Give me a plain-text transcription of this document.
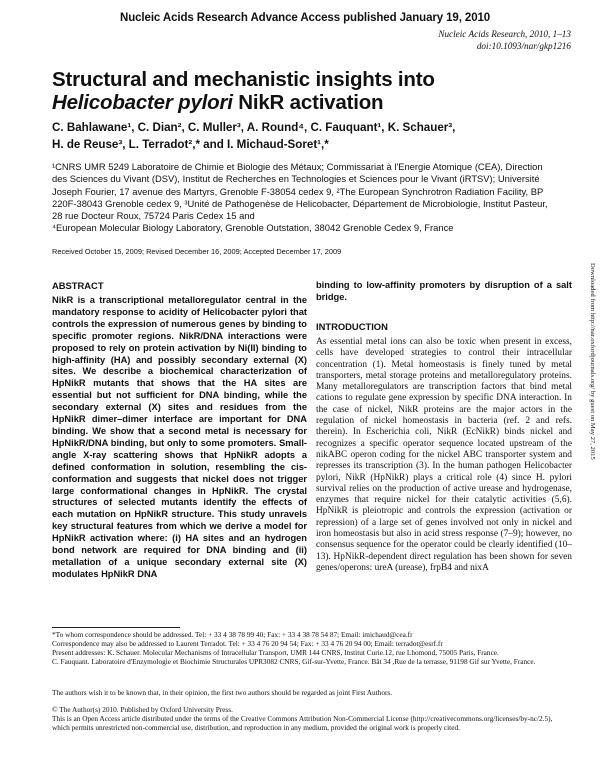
Nucleic Acids Research Advance Access published January 19, 2010
Nucleic Acids Research, 2010, 1–13
doi:10.1093/nar/gkp1216
Structural and mechanistic insights into
Helicobacter pylori NikR activation
C. Bahlawane¹, C. Dian², C. Muller³, A. Round⁴, C. Fauquant¹, K. Schauer³,
H. de Reuse³, L. Terradot²,* and I. Michaud-Soret¹,*

¹CNRS UMR 5249 Laboratoire de Chimie et Biologie des Métaux; Commissariat à l'Energie Atomique (CEA), Direction des Sciences du Vivant (DSV), Institut de Recherches en Technologies et Sciences pour le Vivant (iRTSV); Université Joseph Fourier, 17 avenue des Martyrs, Grenoble F-38054 cedex 9, ²The European Synchrotron Radiation Facility, BP 220F-38043 Grenoble cedex 9, ³Unité de Pathogenèse de Helicobacter, Département de Microbiologie, Institut Pasteur, 28 rue Docteur Roux, 75724 Paris Cedex 15 and

⁴European Molecular Biology Laboratory, Grenoble Outstation, 38042 Grenoble Cedex 9, France

Received October 15, 2009; Revised December 16, 2009; Accepted December 17, 2009
ABSTRACT
NikR is a transcriptional metalloregulator central in the mandatory response to acidity of Helicobacter pylori that controls the expression of numerous genes by binding to specific promoter regions. NikR/DNA interactions were proposed to rely on protein activation by Ni(II) binding to high-affinity (HA) and possibly secondary external (X) sites. We describe a biochemical characterization of HpNikR mutants that shows that the HA sites are essential but not sufficient for DNA binding, while the secondary external (X) sites and residues from the HpNikR dimer–dimer interface are important for DNA binding. We show that a second metal is necessary for HpNikR/DNA binding, but only to some promoters. Small-angle X-ray scattering shows that HpNikR adopts a defined conformation in solution, resembling the cis-conformation and suggests that nickel does not trigger large conformational changes in HpNikR. The crystal structures of selected mutants identify the effects of each mutation on HpNikR structure. This study unravels key structural features from which we derive a model for HpNikR activation where: (i) HA sites and an hydrogen bond network are required for DNA binding and (ii) metallation of a unique secondary external site (X) modulates HpNikR DNA
binding to low-affinity promoters by disruption of a salt bridge.
INTRODUCTION
As essential metal ions can also be toxic when present in excess, cells have developed strategies to control their intracellular concentration (1). Metal homeostasis is finely tuned by metal transporters, metal storage proteins and metalloregulatory proteins. Many metalloregulators are transcription factors that bind metal cations to regulate gene expression by specific DNA interaction. In the case of nickel, NikR proteins are the major actors in the regulation of nickel homeostasis in bacteria (ref. 2 and refs. therein). In Escherichia coli, NikR (EcNikR) binds nickel and recognizes a specific operator sequence located upstream of the nikABC operon coding for the nickel ABC transporter system and represses its transcription (3). In the human pathogen Helicobacter pylori, NikR (HpNikR) plays a critical role (4) since H. pylori survival relies on the production of active urease and hydrogenase, enzymes that require nickel for their catalytic activities (5,6). HpNikR is pleiotropic and controls the expression (activation or repression) of a large set of genes involved not only in nickel and iron homeostasis but also in acid stress response (7–9); however, no consensus sequence for the operator could be clearly identified (10–13). HpNikR-dependent direct regulation has been shown for seven genes/operons: ureA (urease), frpB4 and nixA
Downloaded from http://nar.oxfordjournals.org/ by guest on May 27, 2015

*To whom correspondence should be addressed. Tel: + 33 4 38 78 99 40; Fax: + 33 4 38 78 54 87; Email: imichaud@cea.fr

Correspondence may also be addressed to Laurent Terradot. Tel: + 33 4 76 20 94 54; Fax: + 33 4 76 20 94 00; Email: terradot@esrf.fr

Present addresses: K. Schauer. Molecular Mechanisms of Intracellular Transport, UMR 144 CNRS, Institut Curie.12, rue Lhomond, 75005 Paris, France.

C. Fauquant. Laboratoire d'Enzymologie et Biochimie Structurales UPR3082 CNRS, Gif-sur-Yvette, France. Bât 34 ,Rue de la terrasse, 91198 Gif sur Yvette, France.

The authors wish it to be known that, in their opinion, the first two authors should be regarded as joint First Authors.

© The Author(s) 2010. Published by Oxford University Press.

This is an Open Access article distributed under the terms of the Creative Commons Attribution Non-Commercial License (http://creativecommons.org/licenses/by-nc/2.5), which permits unrestricted non-commercial use, distribution, and reproduction in any medium, provided the original work is properly cited.
